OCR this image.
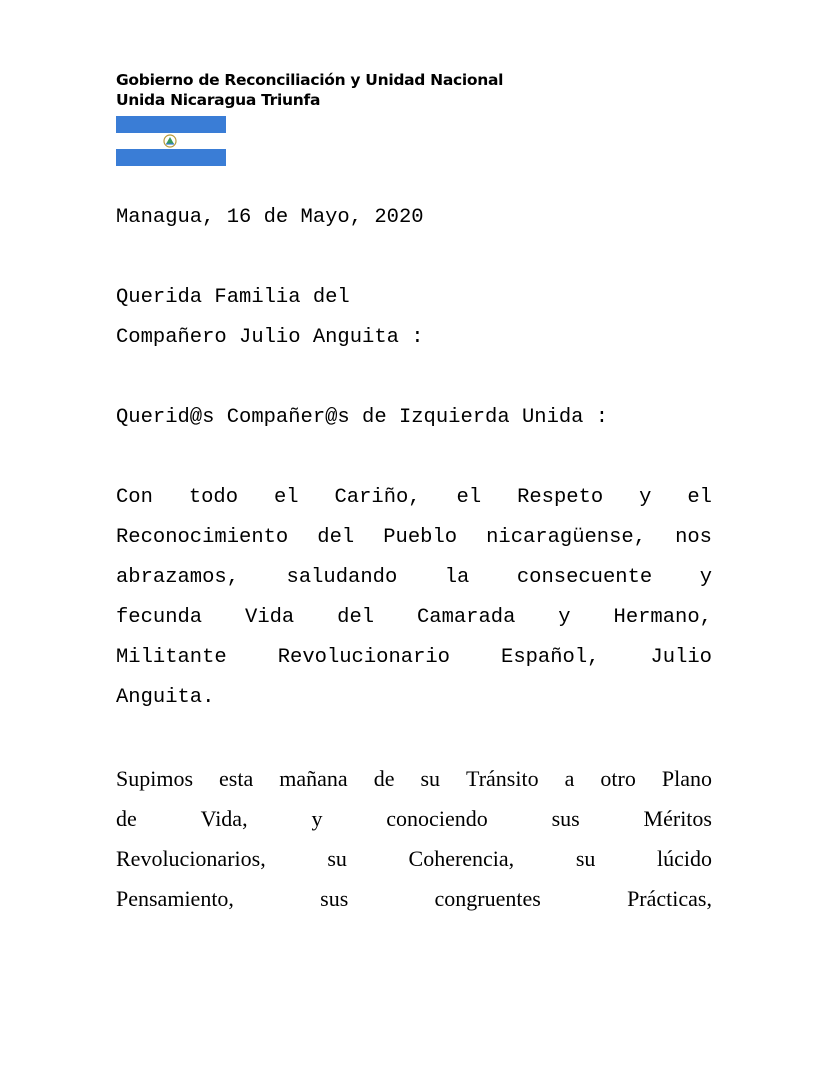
Gobierno de Reconciliación y Unidad Nacional
Unida Nicaragua Triunfa
Managua, 16 de Mayo, 2020
Querida Familia del
Compañero Julio Anguita :
Querid@s Compañer@s de Izquierda Unida :
Con todo el Cariño, el Respeto y el
Reconocimiento del Pueblo nicaragüense, nos
abrazamos, saludando la consecuente y
fecunda Vida del Camarada y Hermano,
Militante Revolucionario Español, Julio
Anguita.
Supimos esta mañana de su Tránsito a otro Plano
de	Vida,	y	conociendo	sus	Méritos
Revolucionarios,	su	Coherencia,	su	lúcido
Pensamiento,	sus	congruentes	Prácticas,
